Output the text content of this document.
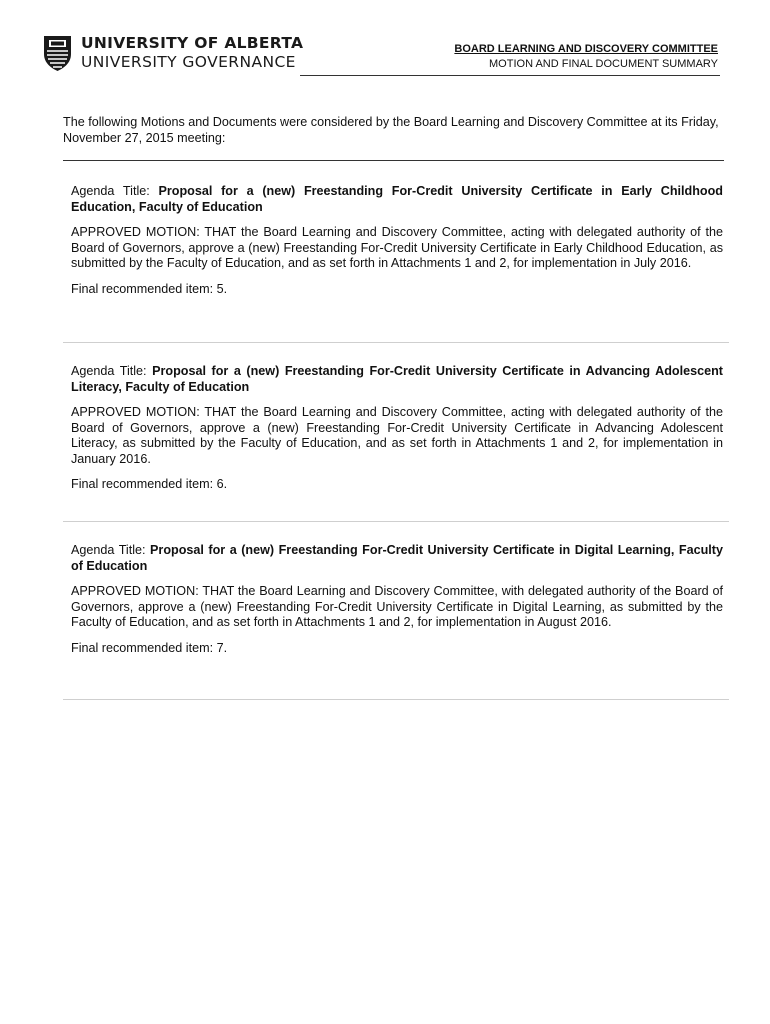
UNIVERSITY OF ALBERTA
UNIVERSITY GOVERNANCE
BOARD LEARNING AND DISCOVERY COMMITTEE
MOTION AND FINAL DOCUMENT SUMMARY
The following Motions and Documents were considered by the Board Learning and Discovery Committee at its Friday, November 27, 2015 meeting:

Agenda Title: Proposal for a (new) Freestanding For-Credit University Certificate in Early Childhood Education, Faculty of Education

APPROVED MOTION: THAT the Board Learning and Discovery Committee, acting with delegated authority of the Board of Governors, approve a (new) Freestanding For-Credit University Certificate in Early Childhood Education, as submitted by the Faculty of Education, and as set forth in Attachments 1 and 2, for implementation in July 2016.

Final recommended item: 5.

Agenda Title: Proposal for a (new) Freestanding For-Credit University Certificate in Advancing Adolescent Literacy, Faculty of Education

APPROVED MOTION: THAT the Board Learning and Discovery Committee, acting with delegated authority of the Board of Governors, approve a (new) Freestanding For-Credit University Certificate in Advancing Adolescent Literacy, as submitted by the Faculty of Education, and as set forth in Attachments 1 and 2, for implementation in January 2016.

Final recommended item: 6.

Agenda Title: Proposal for a (new) Freestanding For-Credit University Certificate in Digital Learning, Faculty of Education

APPROVED MOTION: THAT the Board Learning and Discovery Committee, with delegated authority of the Board of Governors, approve a (new) Freestanding For-Credit University Certificate in Digital Learning, as submitted by the Faculty of Education, and as set forth in Attachments 1 and 2, for implementation in August 2016.

Final recommended item: 7.
